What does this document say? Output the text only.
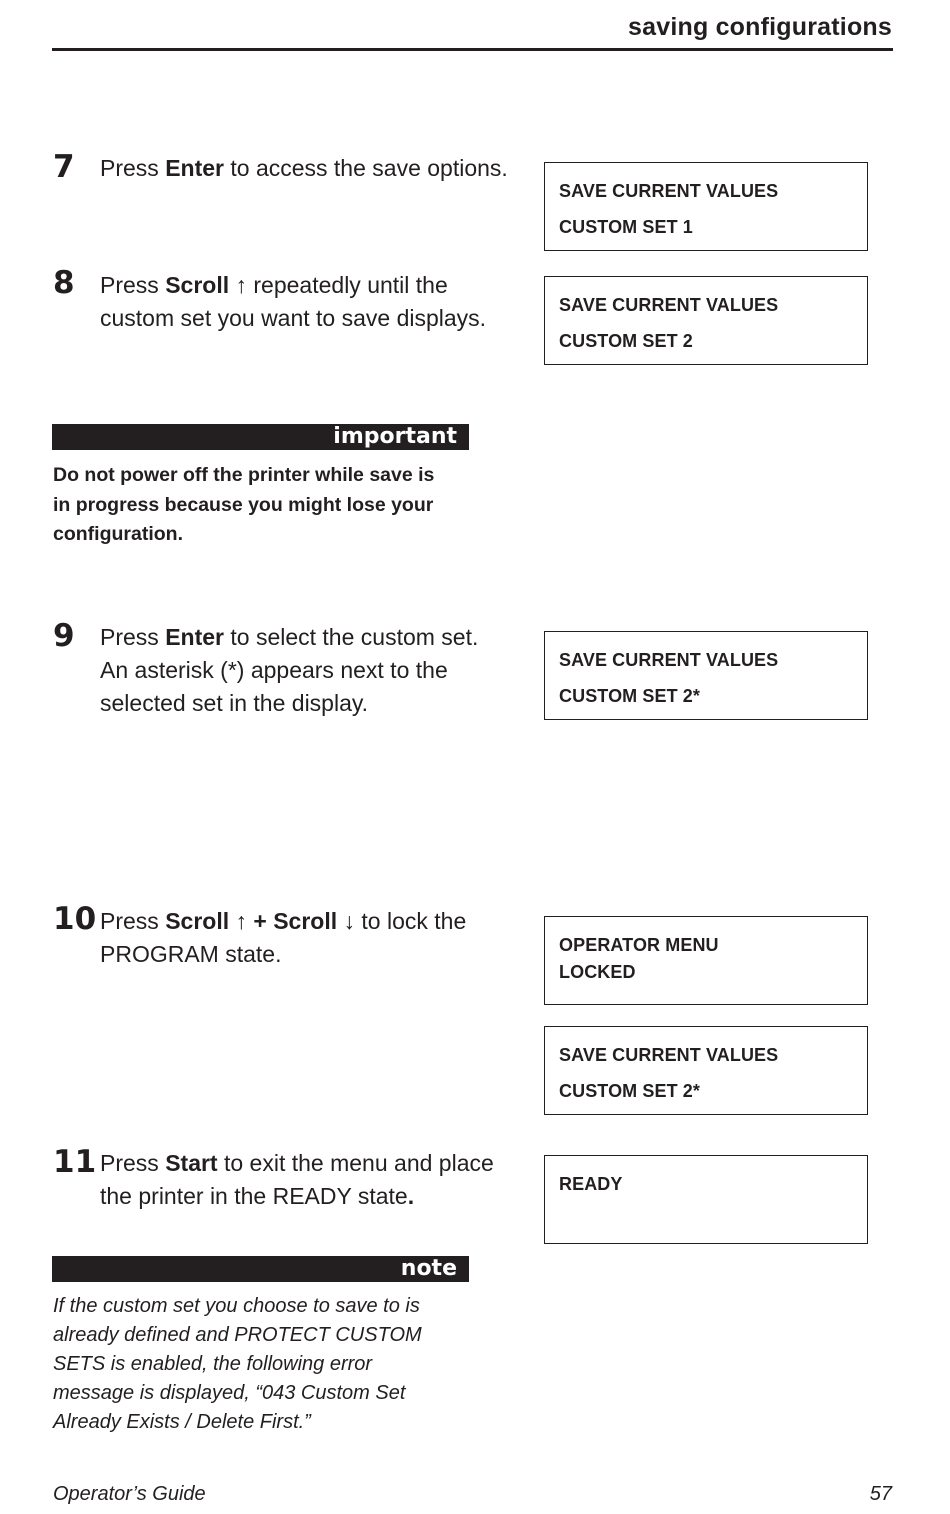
saving configurations
7 Press Enter to access the save options.
SAVE CURRENT VALUES
CUSTOM SET 1
8 Press Scroll ↑ repeatedly until the custom set you want to save displays.	SAVE CURRENT VALUES
CUSTOM SET 2
important
Do not power off the printer while save is in progress because you might lose your configuration.
9 Press Enter to select the custom set. An asterisk (*) appears next to the selected set in the display.
SAVE CURRENT VALUES
CUSTOM SET 2*
10 Press Scroll ↑ + Scroll ↓ to lock the PROGRAM state.	OPERATOR MENU
LOCKED
SAVE CURRENT VALUES
CUSTOM SET 2*
11 Press Start to exit the menu and place the printer in the READY state.	READY
note
If the custom set you choose to save to is already defined and PROTECT CUSTOM SETS is enabled, the following error message is displayed, “043 Custom Set Already Exists / Delete First.”
Operator’s Guide	57
